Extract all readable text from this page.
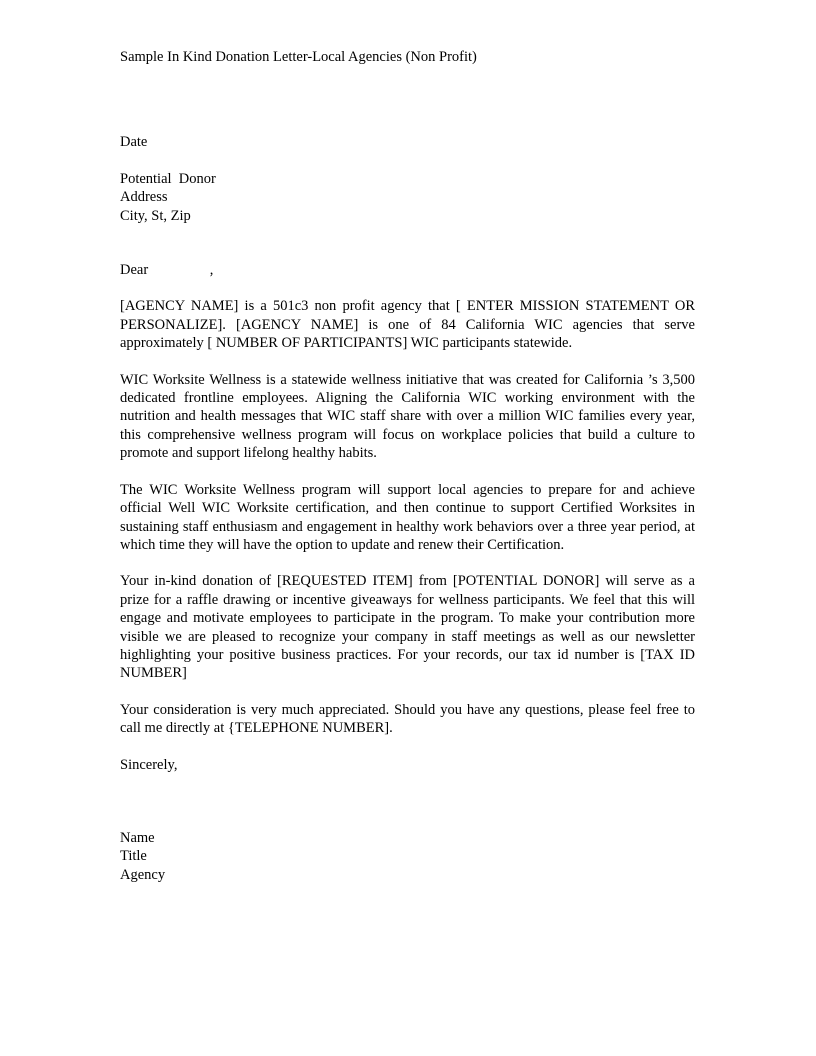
Sample In Kind Donation Letter-Local Agencies (Non Profit)
Date
Potential  Donor
Address
City, St, Zip
Dear                 ,

[AGENCY NAME] is a 501c3 non profit agency that [ ENTER MISSION STATEMENT OR PERSONALIZE]. [AGENCY NAME] is one of 84 California WIC agencies that serve approximately [ NUMBER OF PARTICIPANTS] WIC participants statewide.

WIC Worksite Wellness is a statewide wellness initiative that was created for California ’s 3,500 dedicated frontline employees. Aligning the California WIC working environment with the nutrition and health messages that WIC staff share with over a million WIC families every year, this comprehensive wellness program will focus on workplace policies that build a culture to promote and support lifelong healthy habits.

The WIC Worksite Wellness program will support local agencies to prepare for and achieve official Well WIC Worksite certification, and then continue to support Certified Worksites in sustaining staff enthusiasm and engagement in healthy work behaviors over a three year period, at which time they will have the option to update and renew their Certification.

Your in-kind donation of [REQUESTED ITEM] from [POTENTIAL DONOR] will serve as a prize for a raffle drawing or incentive giveaways for wellness participants. We feel that this will engage and motivate employees to participate in the program. To make your contribution more visible we are pleased to recognize your company in staff meetings as well as our newsletter highlighting your positive business practices. For your records, our tax id number is [TAX ID NUMBER]

Your consideration is very much appreciated. Should you have any questions, please feel free to call me directly at {TELEPHONE NUMBER].

Sincerely,
Name
Title
Agency
